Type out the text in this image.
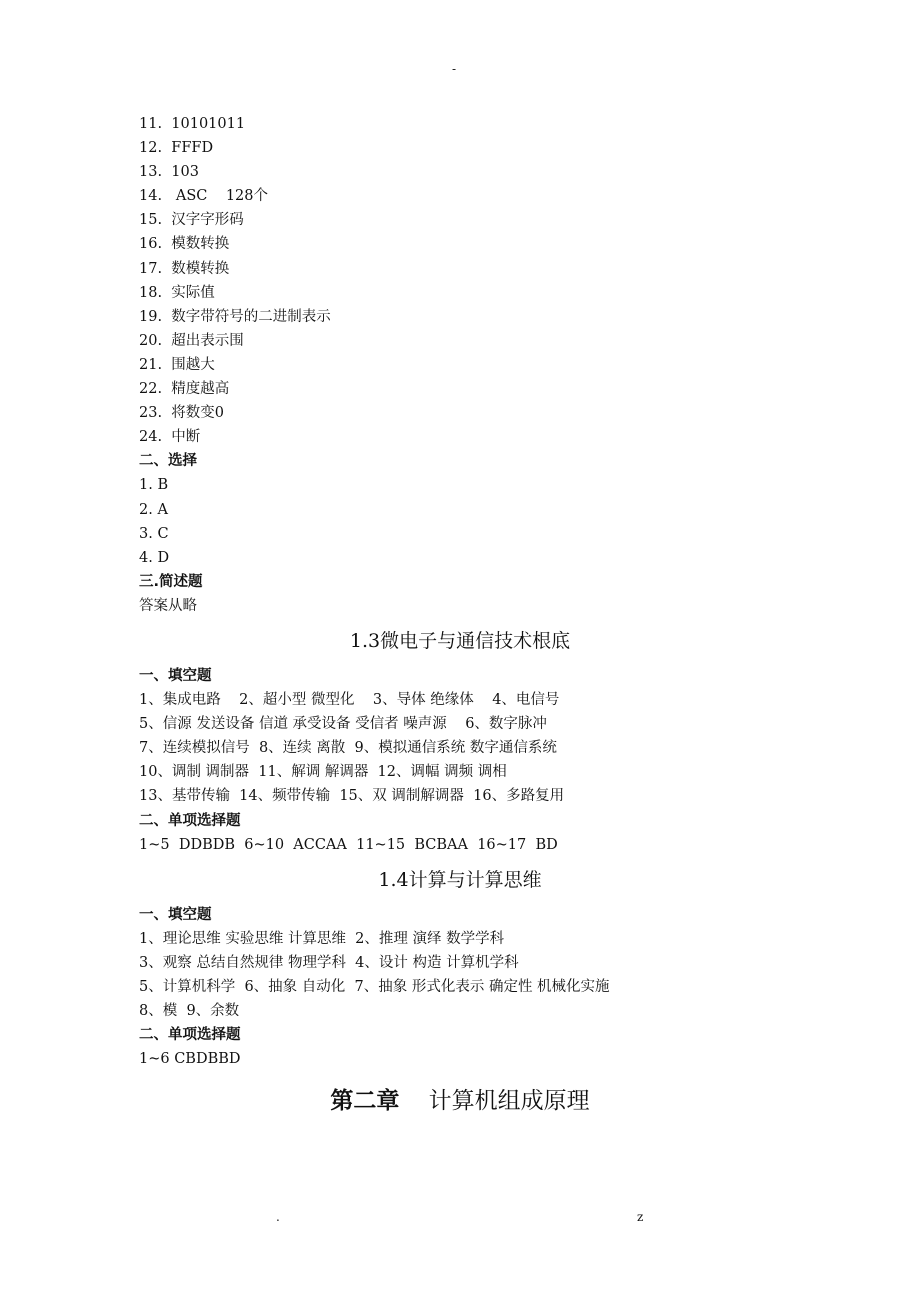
-
11.  10101011
12.  FFFD
13.  103
14.   ASC    128个
15.  汉字字形码
16.  模数转换
17.  数模转换
18.  实际值
19.  数字带符号的二进制表示
20.  超出表示围
21.  围越大
22.  精度越高
23.  将数变0
24.  中断
二、选择
1. B
2. A
3. C
4. D
三.简述题
答案从略
1.3微电子与通信技术根底
一、填空题
1、集成电路    2、超小型 微型化    3、导体 绝缘体    4、电信号
5、信源 发送设备 信道 承受设备 受信者 噪声源    6、数字脉冲
7、连续模拟信号  8、连续 离散  9、模拟通信系统 数字通信系统
10、调制 调制器  11、解调 解调器  12、调幅 调频 调相
13、基带传输  14、频带传输  15、双 调制解调器  16、多路复用
二、单项选择题
1~5  DDBDB  6~10  ACCAA  11~15  BCBAA  16~17  BD
1.4计算与计算思维
一、填空题
1、理论思维 实验思维 计算思维  2、推理 演绎 数学学科
3、观察 总结自然规律 物理学科  4、设计 构造 计算机学科
5、计算机科学  6、抽象 自动化  7、抽象 形式化表示 确定性 机械化实施
8、模  9、余数
二、单项选择题
1~6 CBDBBD
第二章 计算机组成原理
.	z
